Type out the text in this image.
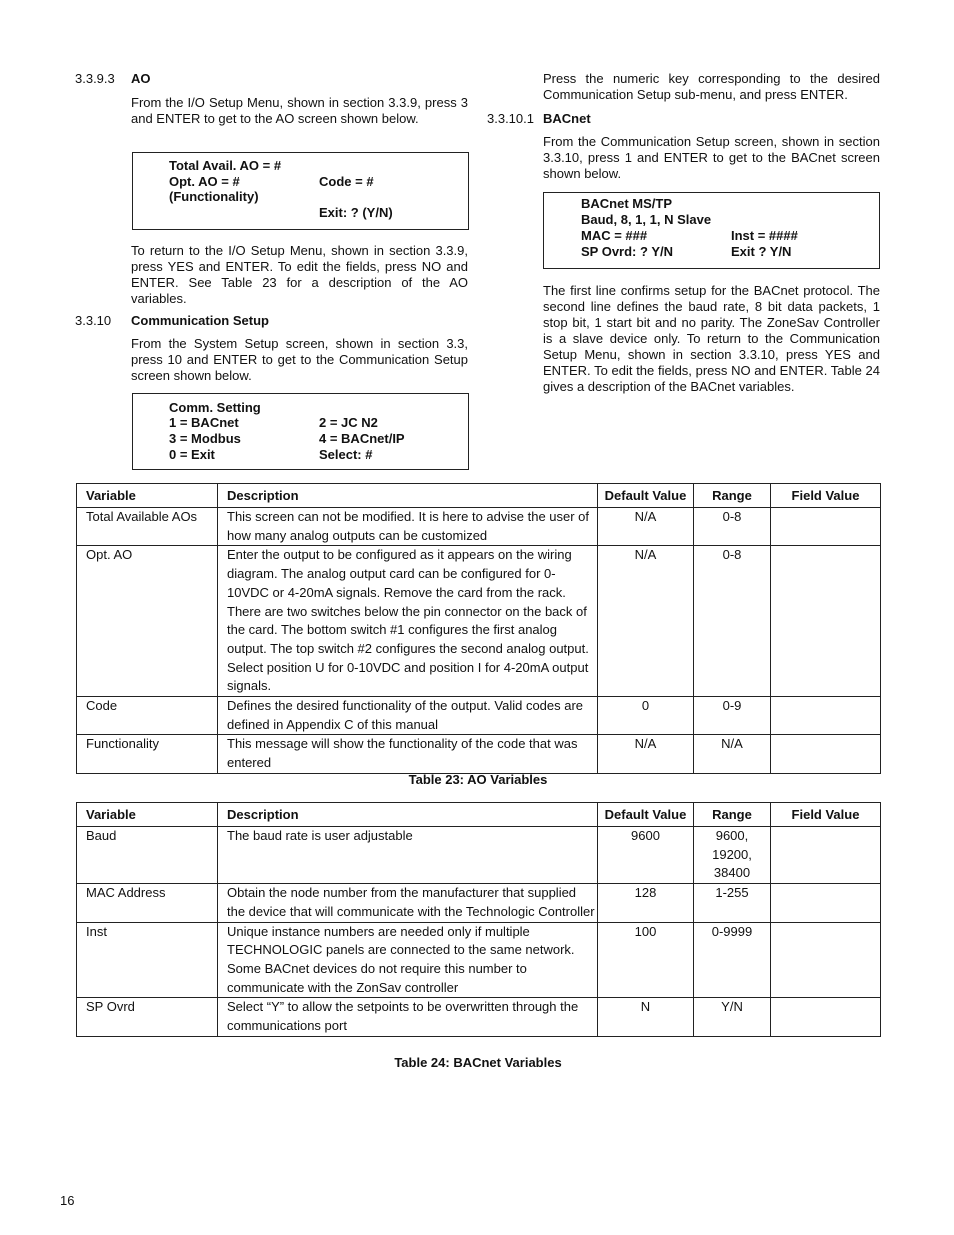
3.3.9.3 AO
From the I/O Setup Menu, shown in section 3.3.9, press 3 and ENTER to get to the AO screen shown below.
Total Avail. AO = #
Opt. AO = #	Code = #
(Functionality)
Exit: ? (Y/N)
To return to the I/O Setup Menu, shown in section 3.3.9, press YES and ENTER. To edit the fields, press NO and ENTER. See Table 23 for a description of the AO variables.
3.3.10 Communication Setup
From the System Setup screen, shown in section 3.3, press 10 and ENTER to get to the Communication Setup screen shown below.
Comm. Setting
1 = BACnet	2 = JC N2
3 = Modbus	4 = BACnet/IP
0 = Exit	Select: #
Press the numeric key corresponding to the desired Communication Setup sub-menu, and press ENTER.
3.3.10.1 BACnet
From the Communication Setup screen, shown in section 3.3.10, press 1 and ENTER to get to the BACnet screen shown below.
BACnet MS/TP
Baud, 8, 1, 1, N Slave
MAC = ###	Inst = ####
SP Ovrd: ? Y/N	Exit ? Y/N
The first line confirms setup for the BACnet protocol. The second line defines the baud rate, 8 bit data packets, 1 stop bit, 1 start bit and no parity. The ZoneSav Controller is a slave device only. To return to the Communication Setup Menu, shown in section 3.3.10, press YES and ENTER. To edit the fields, press NO and ENTER. Table 24 gives a description of the BACnet variables.
Variable	Description	Default Value	Range	Field Value
Total Available AOs	This screen can not be modified. It is here to advise the user of how many analog outputs can be customized	N/A	0-8	
Opt. AO	Enter the output to be configured as it appears on the wiring diagram. The analog output card can be configured for 0-10VDC or 4-20mA signals. Remove the card from the rack. There are two switches below the pin connector on the back of the card. The bottom switch #1 configures the first analog output. The top switch #2 configures the second analog output. Select position U for 0-10VDC and position I for 4-20mA output signals.	N/A	0-8	
Code	Defines the desired functionality of the output. Valid codes are defined in Appendix C of this manual	0	0-9	
Functionality	This message will show the functionality of the code that was entered	N/A	N/A	
Table 23: AO Variables
Variable	Description	Default Value	Range	Field Value
Baud	The baud rate is user adjustable	9600	9600, 19200, 38400	
MAC Address	Obtain the node number from the manufacturer that supplied the device that will communicate with the Technologic Controller	128	1-255	
Inst	Unique instance numbers are needed only if multiple TECHNOLOGIC panels are connected to the same network. Some BACnet devices do not require this number to communicate with the ZonSav controller	100	0-9999	
SP Ovrd	Select “Y” to allow the setpoints to be overwritten through the communications port	N	Y/N	
Table 24: BACnet Variables
16
